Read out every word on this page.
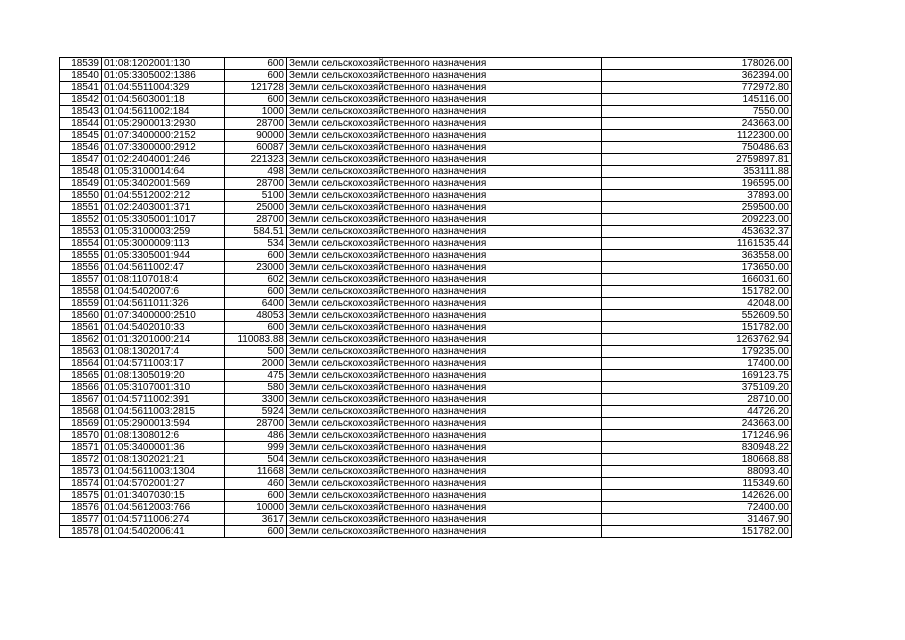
18539	01:08:1202001:130	600	Земли сельскохозяйственного назначения	178026.00
18540	01:05:3305002:1386	600	Земли сельскохозяйственного назначения	362394.00
18541	01:04:5511004:329	121728	Земли сельскохозяйственного назначения	772972.80
18542	01:04:5603001:18	600	Земли сельскохозяйственного назначения	145116.00
18543	01:04:5611002:184	1000	Земли сельскохозяйственного назначения	7550.00
18544	01:05:2900013:2930	28700	Земли сельскохозяйственного назначения	243663.00
18545	01:07:3400000:2152	90000	Земли сельскохозяйственного назначения	1122300.00
18546	01:07:3300000:2912	60087	Земли сельскохозяйственного назначения	750486.63
18547	01:02:2404001:246	221323	Земли сельскохозяйственного назначения	2759897.81
18548	01:05:3100014:64	498	Земли сельскохозяйственного назначения	353111.88
18549	01:05:3402001:569	28700	Земли сельскохозяйственного назначения	196595.00
18550	01:04:5512002:212	5100	Земли сельскохозяйственного назначения	37893.00
18551	01:02:2403001:371	25000	Земли сельскохозяйственного назначения	259500.00
18552	01:05:3305001:1017	28700	Земли сельскохозяйственного назначения	209223.00
18553	01:05:3100003:259	584.51	Земли сельскохозяйственного назначения	453632.37
18554	01:05:3000009:113	534	Земли сельскохозяйственного назначения	1161535.44
18555	01:05:3305001:944	600	Земли сельскохозяйственного назначения	363558.00
18556	01:04:5611002:47	23000	Земли сельскохозяйственного назначения	173650.00
18557	01:08:1107018:4	602	Земли сельскохозяйственного назначения	166031.60
18558	01:04:5402007:6	600	Земли сельскохозяйственного назначения	151782.00
18559	01:04:5611011:326	6400	Земли сельскохозяйственного назначения	42048.00
18560	01:07:3400000:2510	48053	Земли сельскохозяйственного назначения	552609.50
18561	01:04:5402010:33	600	Земли сельскохозяйственного назначения	151782.00
18562	01:01:3201000:214	110083.88	Земли сельскохозяйственного назначения	1263762.94
18563	01:08:1302017:4	500	Земли сельскохозяйственного назначения	179235.00
18564	01:04:5711003:17	2000	Земли сельскохозяйственного назначения	17400.00
18565	01:08:1305019:20	475	Земли сельскохозяйственного назначения	169123.75
18566	01:05:3107001:310	580	Земли сельскохозяйственного назначения	375109.20
18567	01:04:5711002:391	3300	Земли сельскохозяйственного назначения	28710.00
18568	01:04:5611003:2815	5924	Земли сельскохозяйственного назначения	44726.20
18569	01:05:2900013:594	28700	Земли сельскохозяйственного назначения	243663.00
18570	01:08:1308012:6	486	Земли сельскохозяйственного назначения	171246.96
18571	01:05:3400001:36	999	Земли сельскохозяйственного назначения	830948.22
18572	01:08:1302021:21	504	Земли сельскохозяйственного назначения	180668.88
18573	01:04:5611003:1304	11668	Земли сельскохозяйственного назначения	88093.40
18574	01:04:5702001:27	460	Земли сельскохозяйственного назначения	115349.60
18575	01:01:3407030:15	600	Земли сельскохозяйственного назначения	142626.00
18576	01:04:5612003:766	10000	Земли сельскохозяйственного назначения	72400.00
18577	01:04:5711006:274	3617	Земли сельскохозяйственного назначения	31467.90
18578	01:04:5402006:41	600	Земли сельскохозяйственного назначения	151782.00
